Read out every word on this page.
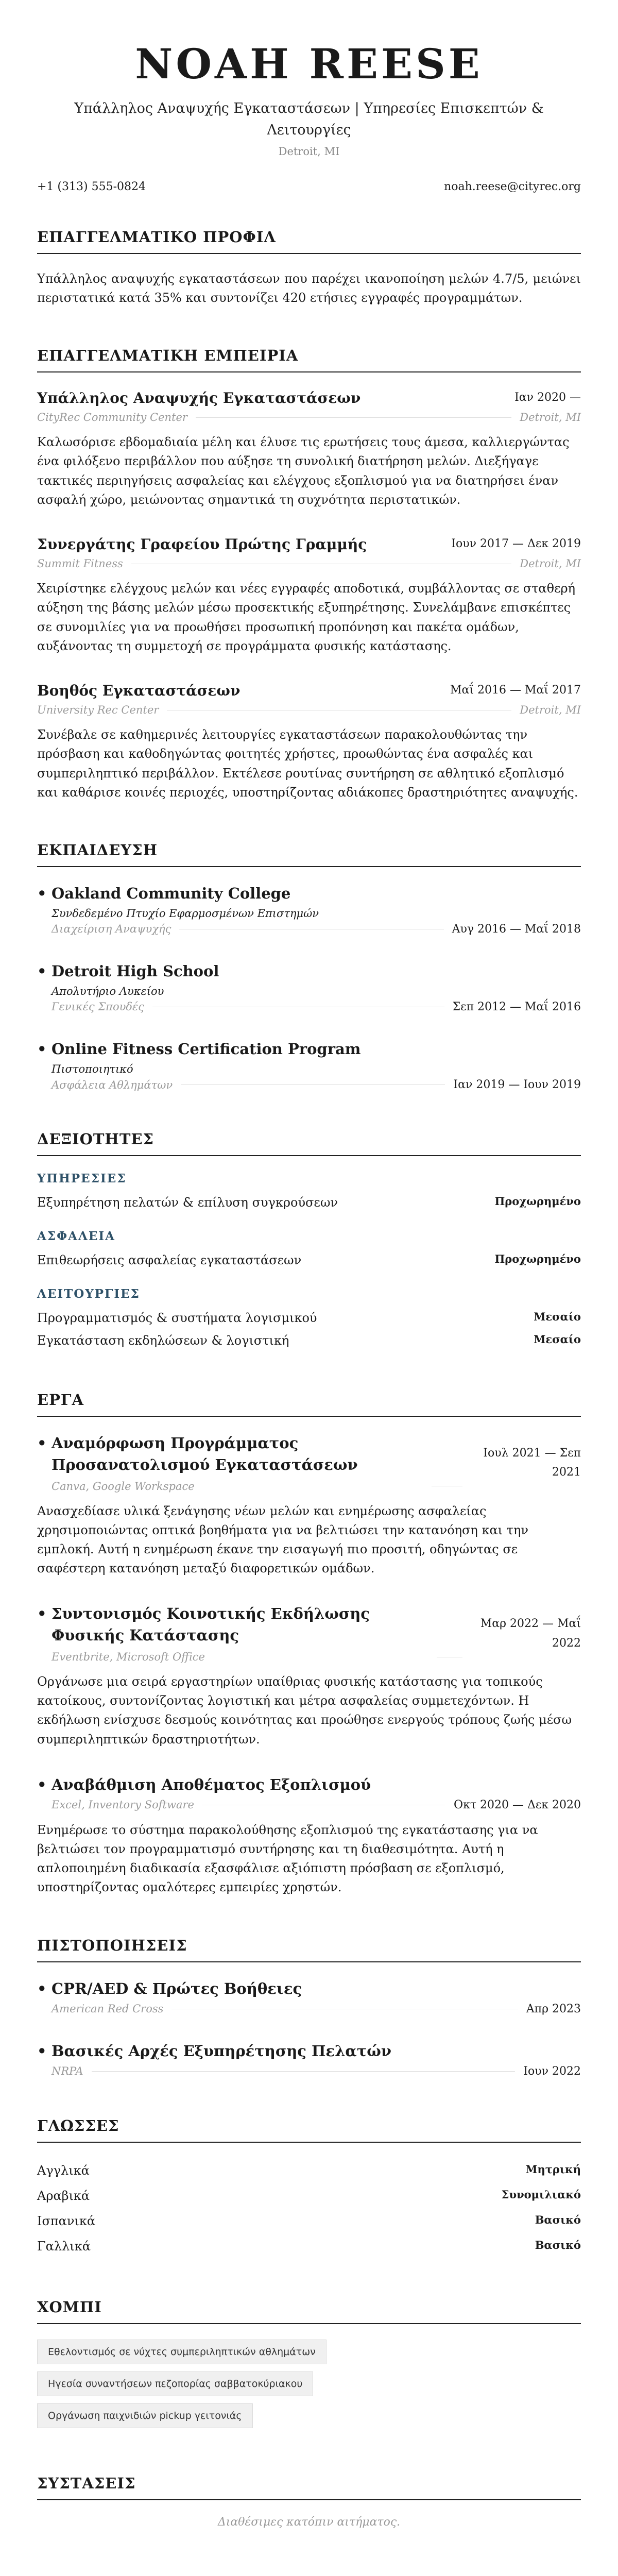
NOAH REESE
Υπάλληλος Αναψυχής Εγκαταστάσεων | Υπηρεσίες Επισκεπτών & Λειτουργίες
Detroit, MI
+1 (313) 555-0824	noah.reese@cityrec.org
ΕΠΑΓΓΕΛΜΑΤΙΚΟ ΠΡΟΦΙΛ
Υπάλληλος αναψυχής εγκαταστάσεων που παρέχει ικανοποίηση μελών 4.7/5, μειώνει περιστατικά κατά 35% και συντονίζει 420 ετήσιες εγγραφές προγραμμάτων.
ΕΠΑΓΓΕΛΜΑΤΙΚΗ ΕΜΠΕΙΡΙΑ
Υπάλληλος Αναψυχής Εγκαταστάσεων	Ιαν 2020 —
CityRec Community Center	Detroit, MI
Καλωσόρισε εβδομαδιαία μέλη και έλυσε τις ερωτήσεις τους άμεσα, καλλιεργώντας ένα φιλόξενο περιβάλλον που αύξησε τη συνολική διατήρηση μελών. Διεξήγαγε τακτικές περιηγήσεις ασφαλείας και ελέγχους εξοπλισμού για να διατηρήσει έναν ασφαλή χώρο, μειώνοντας σημαντικά τη συχνότητα περιστατικών.
Συνεργάτης Γραφείου Πρώτης Γραμμής	Ιουν 2017 — Δεκ 2019
Summit Fitness	Detroit, MI
Χειρίστηκε ελέγχους μελών και νέες εγγραφές αποδοτικά, συμβάλλοντας σε σταθερή αύξηση της βάσης μελών μέσω προσεκτικής εξυπηρέτησης. Συνελάμβανε επισκέπτες σε συνομιλίες για να προωθήσει προσωπική προπόνηση και πακέτα ομάδων, αυξάνοντας τη συμμετοχή σε προγράμματα φυσικής κατάστασης.
Βοηθός Εγκαταστάσεων	Μαΐ 2016 — Μαΐ 2017
University Rec Center	Detroit, MI
Συνέβαλε σε καθημερινές λειτουργίες εγκαταστάσεων παρακολουθώντας την πρόσβαση και καθοδηγώντας φοιτητές χρήστες, προωθώντας ένα ασφαλές και συμπεριληπτικό περιβάλλον. Εκτέλεσε ρουτίνας συντήρηση σε αθλητικό εξοπλισμό και καθάρισε κοινές περιοχές, υποστηρίζοντας αδιάκοπες δραστηριότητες αναψυχής.
ΕΚΠΑΙΔΕΥΣΗ
• Oakland Community College
Συνδεδεμένο Πτυχίο Εφαρμοσμένων Επιστημών
Διαχείριση Αναψυχής	Αυγ 2016 — Μαΐ 2018
• Detroit High School
Απολυτήριο Λυκείου
Γενικές Σπουδές	Σεπ 2012 — Μαΐ 2016
• Online Fitness Certification Program
Πιστοποιητικό
Ασφάλεια Αθλημάτων	Ιαν 2019 — Ιουν 2019
ΔΕΞΙΟΤΗΤΕΣ
ΥΠΗΡΕΣΙΕΣ
Εξυπηρέτηση πελατών & επίλυση συγκρούσεων	Προχωρημένο
ΑΣΦΑΛΕΙΑ
Επιθεωρήσεις ασφαλείας εγκαταστάσεων	Προχωρημένο
ΛΕΙΤΟΥΡΓΙΕΣ
Προγραμματισμός & συστήματα λογισμικού	Μεσαίο
Εγκατάσταση εκδηλώσεων & λογιστική	Μεσαίο
ΕΡΓΑ
• Αναμόρφωση Προγράμματος Προσανατολισμού Εγκαταστάσεων
Ιουλ 2021 — Σεπ 2021
Canva, Google Workspace
Ανασχεδίασε υλικά ξενάγησης νέων μελών και ενημέρωσης ασφαλείας χρησιμοποιώντας οπτικά βοηθήματα για να βελτιώσει την κατανόηση και την εμπλοκή. Αυτή η ενημέρωση έκανε την εισαγωγή πιο προσιτή, οδηγώντας σε σαφέστερη κατανόηση μεταξύ διαφορετικών ομάδων.
• Συντονισμός Κοινοτικής Εκδήλωσης Φυσικής Κατάστασης
Μαρ 2022 — Μαΐ 2022
Eventbrite, Microsoft Office
Οργάνωσε μια σειρά εργαστηρίων υπαίθριας φυσικής κατάστασης για τοπικούς κατοίκους, συντονίζοντας λογιστική και μέτρα ασφαλείας συμμετεχόντων. Η εκδήλωση ενίσχυσε δεσμούς κοινότητας και προώθησε ενεργούς τρόπους ζωής μέσω συμπεριληπτικών δραστηριοτήτων.
• Αναβάθμιση Αποθέματος Εξοπλισμού
Excel, Inventory Software	Οκτ 2020 — Δεκ 2020
Ενημέρωσε το σύστημα παρακολούθησης εξοπλισμού της εγκατάστασης για να βελτιώσει τον προγραμματισμό συντήρησης και τη διαθεσιμότητα. Αυτή η απλοποιημένη διαδικασία εξασφάλισε αξιόπιστη πρόσβαση σε εξοπλισμό, υποστηρίζοντας ομαλότερες εμπειρίες χρηστών.
ΠΙΣΤΟΠΟΙΗΣΕΙΣ
• CPR/AED & Πρώτες Βοήθειες
American Red Cross	Απρ 2023
• Βασικές Αρχές Εξυπηρέτησης Πελατών
NRPA	Ιουν 2022
ΓΛΩΣΣΕΣ
Αγγλικά	Μητρική
Αραβικά	Συνομιλιακό
Ισπανικά	Βασικό
Γαλλικά	Βασικό
ΧΟΜΠΙ
Εθελοντισμός σε νύχτες συμπεριληπτικών αθλημάτων
Ηγεσία συναντήσεων πεζοπορίας σαββατοκύριακου
Οργάνωση παιχνιδιών pickup γειτονιάς
ΣΥΣΤΑΣΕΙΣ
Διαθέσιμες κατόπιν αιτήματος.
